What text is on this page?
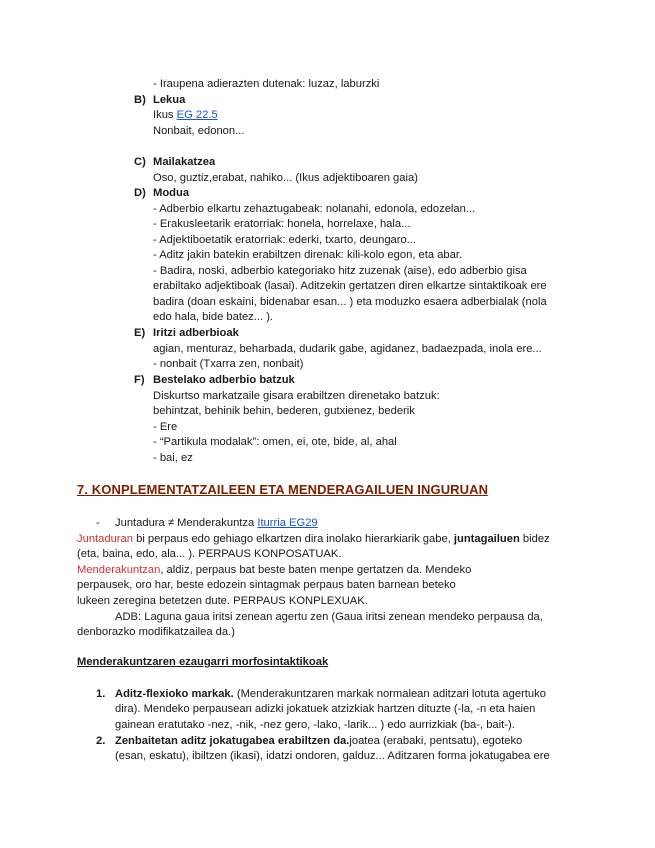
- Iraupena adierazten dutenak: luzaz, laburzki
B) Lekua
Ikus EG 22.5
Nonbait, edonon...
C) Mailakatzea
Oso, guztiz,erabat, nahiko... (Ikus adjektiboaren gaia)
D) Modua
- Adberbio elkartu zehaztugabeak: nolanahi, edonola, edozelan...
- Erakusleetarik eratorriak: honela, horrelaxe, hala...
- Adjektiboetatik eratorriak: ederki, txarto, deungaro...
- Aditz jakin batekin erabiltzen direnak: kili-kolo egon, eta abar.
- Badira, noski, adberbio kategoriako hitz zuzenak (aise), edo adberbio gisa
erabiltako adjektiboak (lasai). Aditzekin gertatzen diren elkartze sintaktikoak ere
badira (doan eskaini, bidenabar esan... ) eta moduzko esaera adberbialak (nola
edo hala, bide batez... ).
E) Iritzi adberbioak
agian, menturaz, beharbada, dudarik gabe, agidanez, badaezpada, inola ere...
- nonbait (Txarra zen, nonbait)
F) Bestelako adberbio batzuk
Diskurtso markatzaile gisara erabiltzen direnetako batzuk:
behintzat, behinik behin, bederen, gutxienez, bederik
- Ere
- “Partikula modalak”: omen, ei, ote, bide, al, ahal
- bai, ez
7. KONPLEMENTATZAILEEN ETA MENDERAGAILUEN INGURUAN
- Juntadura ≠ Menderakuntza Iturria EG29
Juntaduran bi perpaus edo gehiago elkartzen dira inolako hierarkiarik gabe, juntagailuen bidez
(eta, baina, edo, ala... ). PERPAUS KONPOSATUAK.
Menderakuntzan, aldiz, perpaus bat beste baten menpe gertatzen da. Mendeko
perpausek, oro har, beste edozein sintagmak perpaus baten barnean beteko
lukeen zeregina betetzen dute. PERPAUS KONPLEXUAK.
ADB: Laguna gaua iritsi zenean agertu zen (Gaua iritsi zenean mendeko perpausa da,
denborazko modifikatzailea da.)
Menderakuntzaren ezaugarri morfosintaktikoak
1. Aditz-flexioko markak. (Menderakuntzaren markak normalean aditzari lotuta agertuko
dira). Mendeko perpausean adizki jokatuek atzizkiak hartzen dituzte (-la, -n eta haien
gainean eratutako -nez, -nik, -nez gero, -lako, -larik... ) edo aurrizkiak (ba-, bait-).
2. Zenbaitetan aditz jokatugabea erabiltzen da.joatea (erabaki, pentsatu), egoteko
(esan, eskatu), ibiltzen (ikasi), idatzi ondoren, galduz... Aditzaren forma jokatugabea ere
